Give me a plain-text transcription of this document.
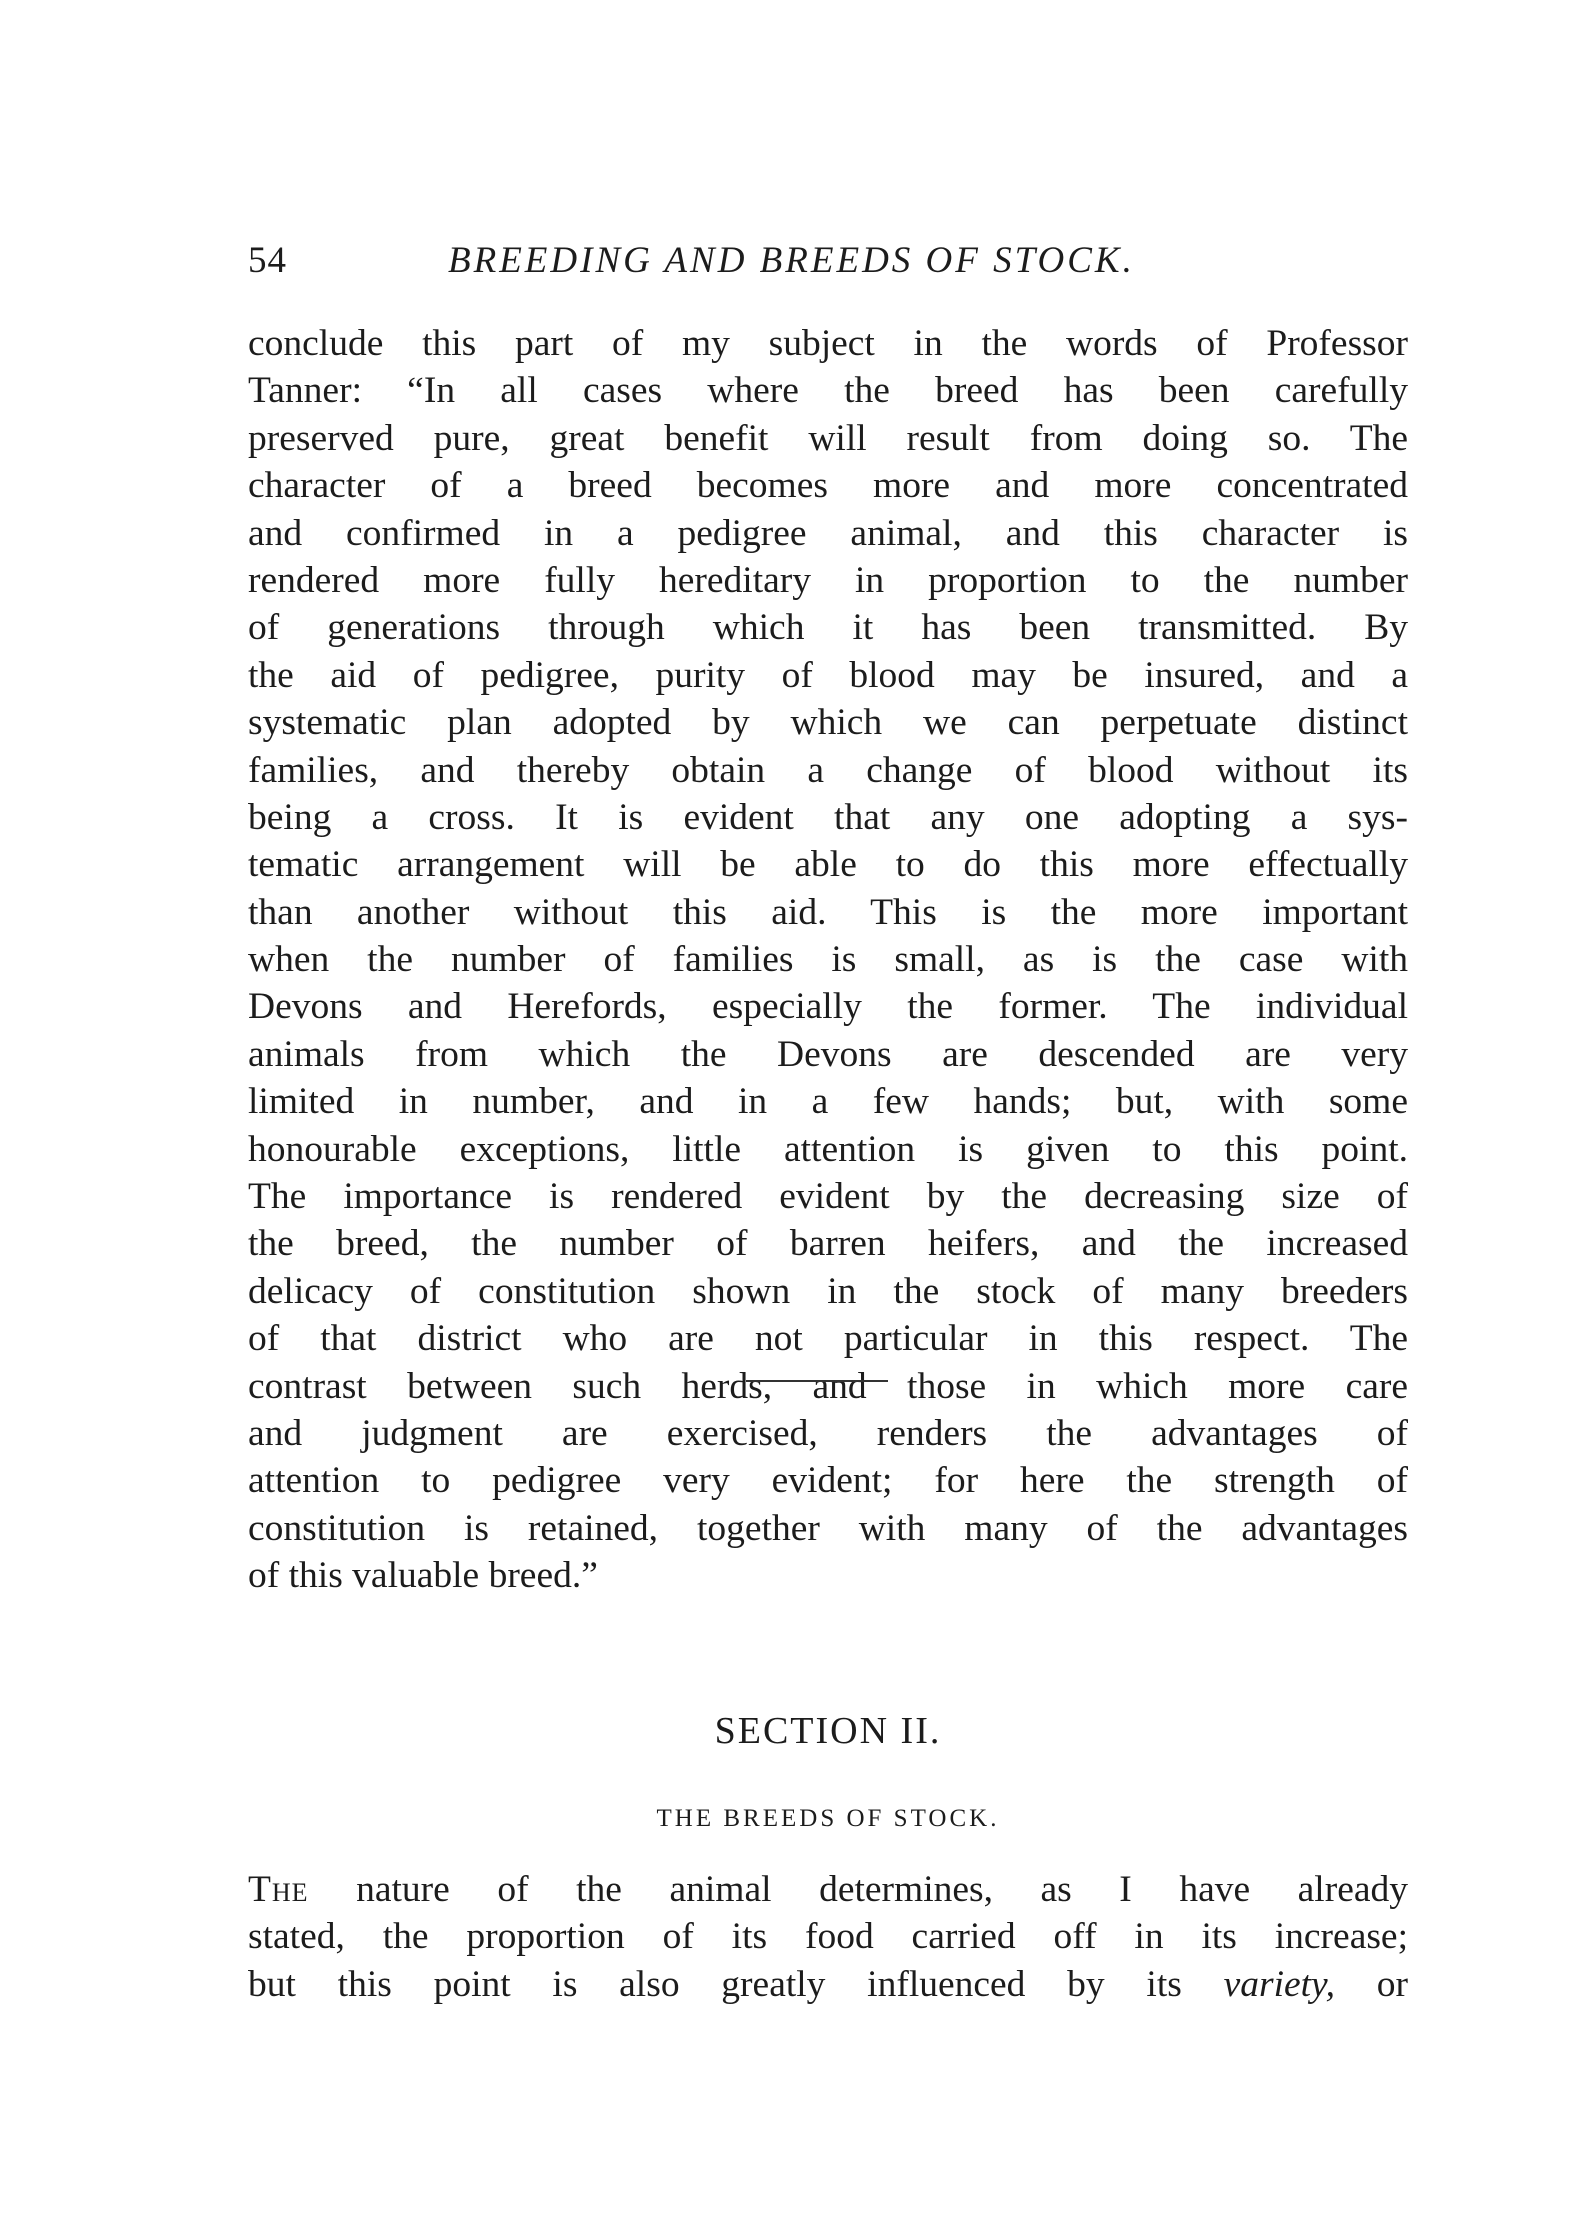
54	BREEDING AND BREEDS OF STOCK.
conclude this part of my subject in the words of Professor
Tanner: “In all cases where the breed has been carefully
preserved pure, great benefit will result from doing so. The
character of a breed becomes more and more concentrated
and confirmed in a pedigree animal, and this character is
rendered more fully hereditary in proportion to the number
of generations through which it has been transmitted. By
the aid of pedigree, purity of blood may be insured, and a
systematic plan adopted by which we can perpetuate distinct
families, and thereby obtain a change of blood without its
being a cross. It is evident that any one adopting a sys-
tematic arrangement will be able to do this more effectually
than another without this aid. This is the more important
when the number of families is small, as is the case with
Devons and Herefords, especially the former. The individual
animals from which the Devons are descended are very
limited in number, and in a few hands; but, with some
honourable exceptions, little attention is given to this point.
The importance is rendered evident by the decreasing size of
the breed, the number of barren heifers, and the increased
delicacy of constitution shown in the stock of many breeders
of that district who are not particular in this respect. The
contrast between such herds, and those in which more care
and judgment are exercised, renders the advantages of
attention to pedigree very evident; for here the strength of
constitution is retained, together with many of the advantages
of this valuable breed.”
SECTION II.
THE BREEDS OF STOCK.
The nature of the animal determines, as I have already
stated, the proportion of its food carried off in its increase;
but this point is also greatly influenced by its variety, or
